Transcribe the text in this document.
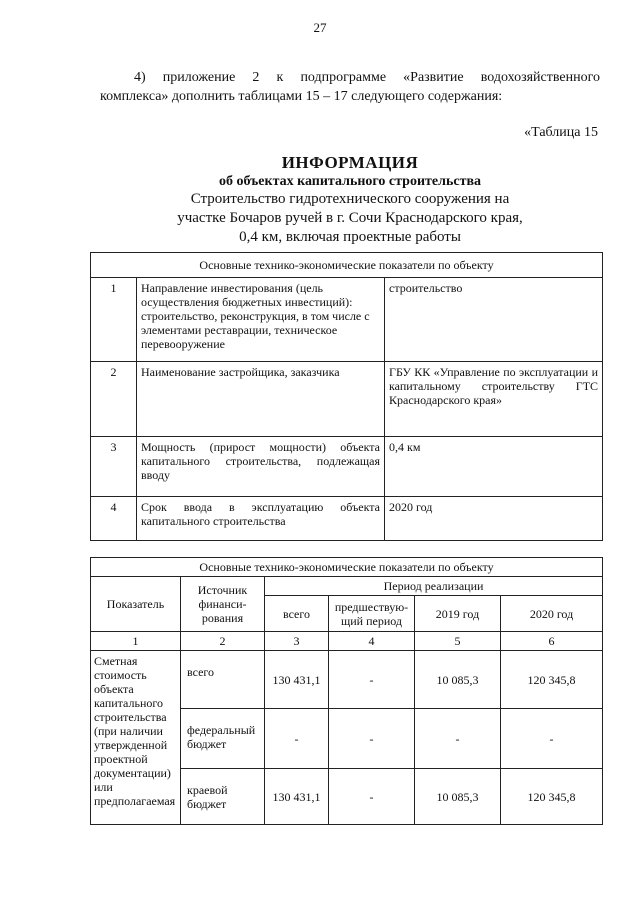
27
4) приложение 2 к подпрограмме «Развитие водохозяйственного
комплекса» дополнить таблицами 15 – 17 следующего содержания:
«Таблица 15
ИНФОРМАЦИЯ
об объектах капитального строительства
Строительство гидротехнического сооружения на
участке Бочаров ручей в г. Сочи Краснодарского края,
0,4 км, включая проектные работы
Основные технико-экономические показатели по объекту		
1	Направление инвестирования (цель осуществления бюджетных инвестиций): строительство, реконструкция, в том числе с элементами реставрации, техническое перевооружение	строительство
2	Наименование застройщика, заказчика	ГБУ КК «Управление по эксплуатации и капитальному строительству ГТС Краснодарского края»
3	Мощность (прирост мощности) объекта капитального строительства, подлежащая вводу	0,4 км
4	Срок ввода в эксплуатацию объекта капитального строительства	2020 год
Основные технико-экономические показатели по объекту					
Показатель	Источник финанси-рования	Период реализации			
		всего	предшествую-щий период	2019 год	2020 год
1	2	3	4	5	6
Сметная стоимость объекта капитального строительства (при наличии утвержденной проектной документации) или предполагаемая	всего	130 431,1	-	10 085,3	120 345,8
	федеральный бюджет	-	-	-	-
	краевой бюджет	130 431,1	-	10 085,3	120 345,8
